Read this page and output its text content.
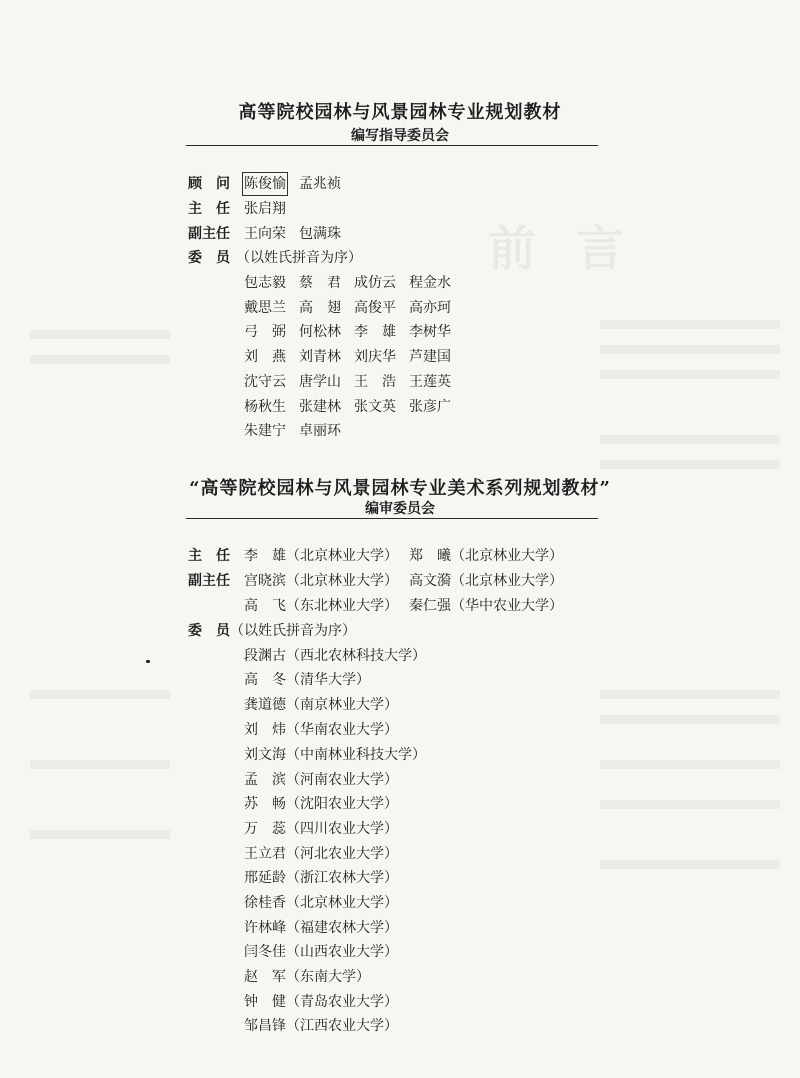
前言
高等院校园林与风景园林专业规划教材
编写指导委员会
顾　问 陈俊愉 孟兆祯
主　任 张启翔
副主任 王向荣 包满珠
委　员 （以姓氏拼音为序）
包志毅 蔡　君 成仿云 程金水
戴思兰 高　翅 高俊平 高亦珂
弓　弼 何松林 李　雄 李树华
刘　燕 刘青林 刘庆华 芦建国
沈守云 唐学山 王　浩 王莲英
杨秋生 张建林 张文英 张彦广
朱建宁 卓丽环
“高等院校园林与风景园林专业美术系列规划教材”
编审委员会
主　任 李　雄（北京林业大学） 郑　曦（北京林业大学）
副主任 宫晓滨（北京林业大学） 高文漪（北京林业大学）
高　飞（东北林业大学） 秦仁强（华中农业大学）
委　员 （以姓氏拼音为序）
段渊古（西北农林科技大学）
高　冬（清华大学）
龚道德（南京林业大学）
刘　炜（华南农业大学）
刘文海（中南林业科技大学）
孟　滨（河南农业大学）
苏　畅（沈阳农业大学）
万　蕊（四川农业大学）
王立君（河北农业大学）
邢延龄（浙江农林大学）
徐桂香（北京林业大学）
许林峰（福建农林大学）
闫冬佳（山西农业大学）
赵　军（东南大学）
钟　健（青岛农业大学）
邹昌锋（江西农业大学）
